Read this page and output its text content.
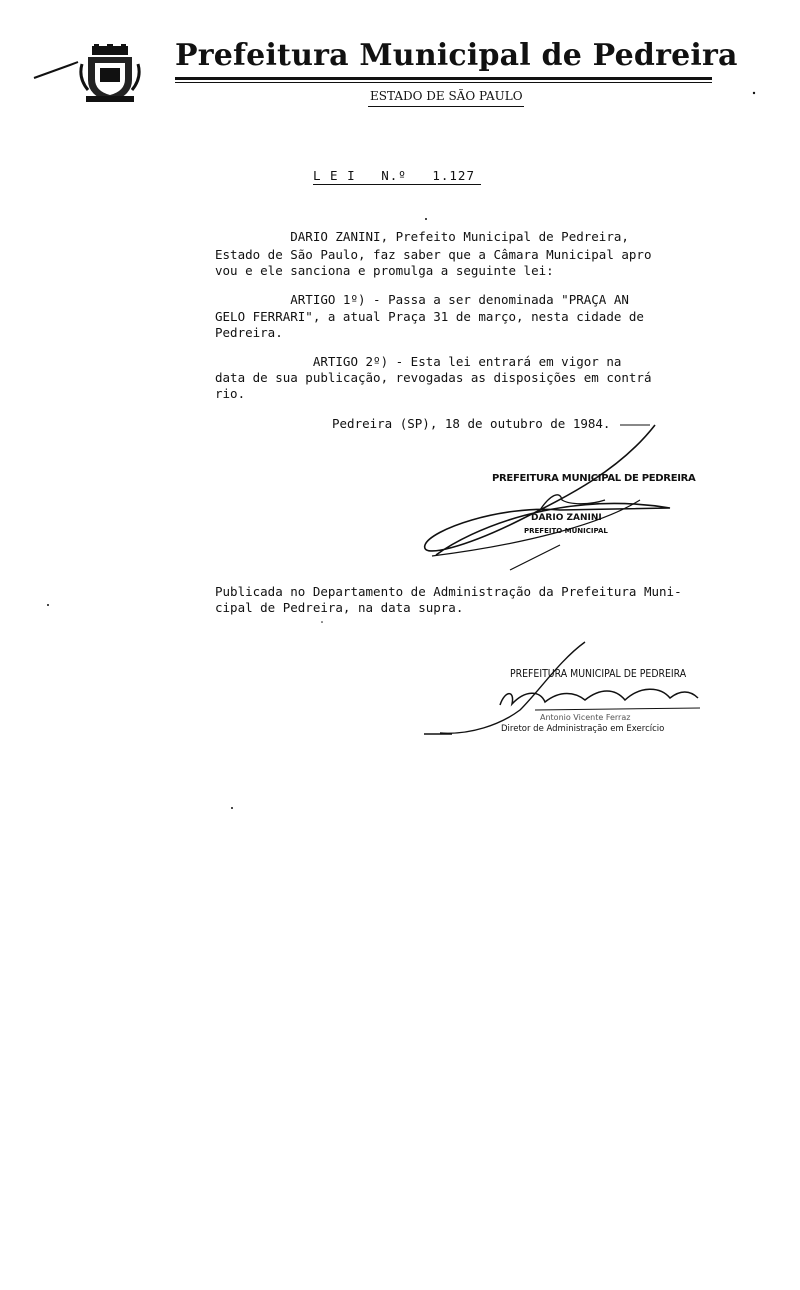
Prefeitura Municipal de Pedreira
ESTADO DE SÃO PAULO
L E I   N.º   1.127
DARIO ZANINI, Prefeito Municipal de Pedreira,
Estado de São Paulo, faz saber que a Câmara Municipal apro
vou e ele sanciona e promulga a seguinte lei:
ARTIGO 1º) - Passa a ser denominada "PRAÇA AN
GELO FERRARI", a atual Praça 31 de março, nesta cidade de
Pedreira.
ARTIGO 2º) - Esta lei entrará em vigor na
data de sua publicação, revogadas as disposições em contrá
rio.
Pedreira (SP), 18 de outubro de 1984.
PREFEITURA MUNICIPAL DE PEDREIRA
DARIO ZANINI
PREFEITO MUNICIPAL
Publicada no Departamento de Administração da Prefeitura Muni-
cipal de Pedreira, na data supra.
PREFEITURA MUNICIPAL DE PEDREIRA
Antonio Vicente Ferraz
Diretor de Administração em Exercício
